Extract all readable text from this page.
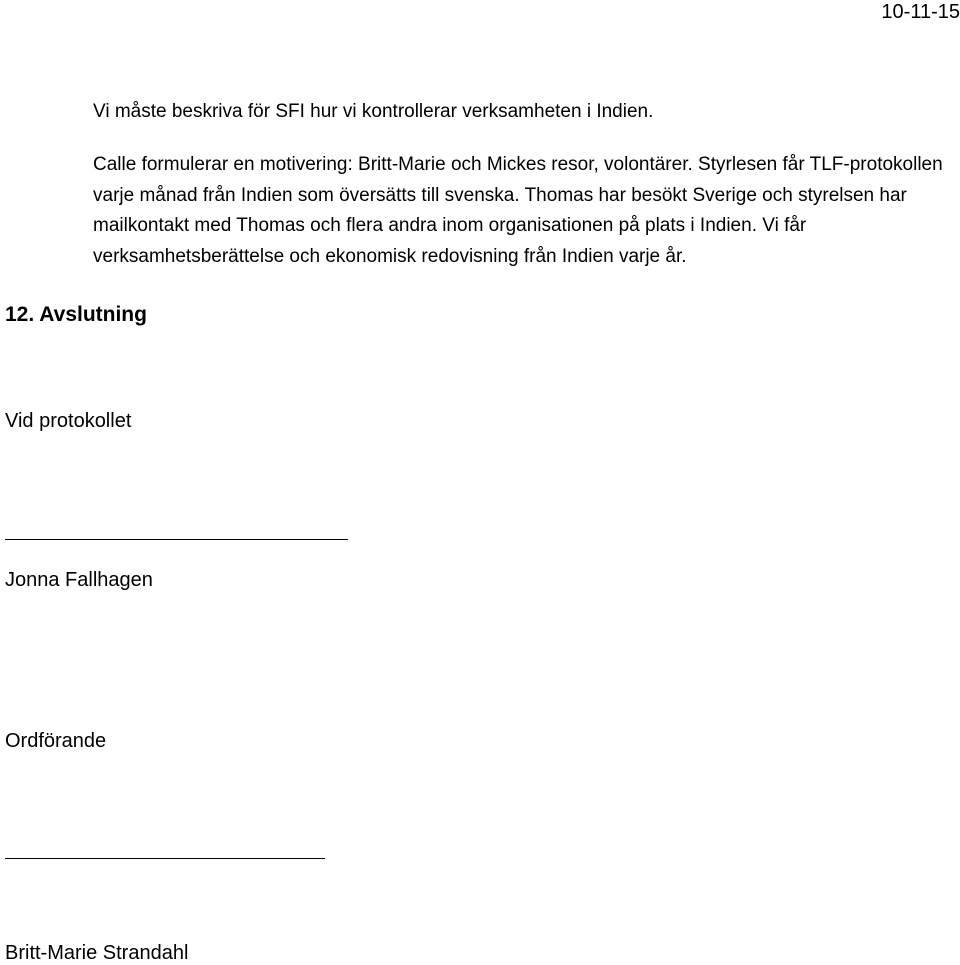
10-11-15
Vi måste beskriva för SFI hur vi kontrollerar verksamheten i Indien.
Calle formulerar en motivering: Britt-Marie och Mickes resor, volontärer. Styrlesen får TLF-protokollen varje månad från Indien som översätts till svenska. Thomas har besökt Sverige och styrelsen har mailkontakt med Thomas och flera andra inom organisationen på plats i Indien. Vi får verksamhetsberättelse och ekonomisk redovisning från Indien varje år.
12. Avslutning
Vid protokollet
Jonna Fallhagen
Ordförande
Britt-Marie Strandahl
